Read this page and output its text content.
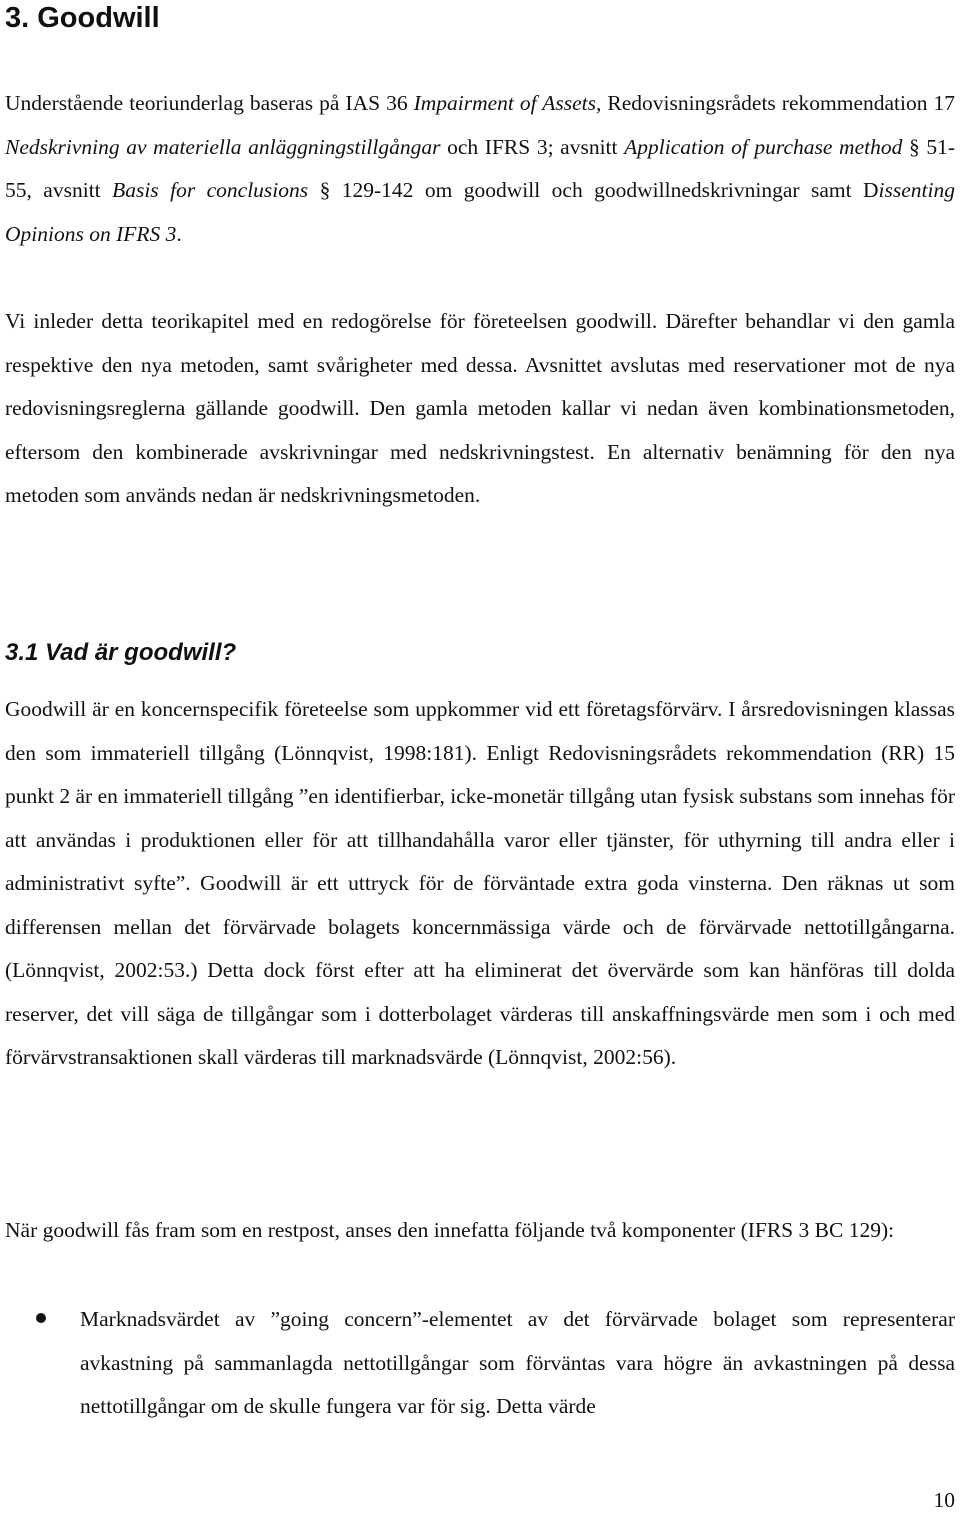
3. Goodwill

Understående teoriunderlag baseras på IAS 36 Impairment of Assets, Redovisningsrådets rekommendation 17 Nedskrivning av materiella anläggningstillgångar och IFRS 3; avsnitt Application of purchase method § 51-55, avsnitt Basis for conclusions § 129-142 om goodwill och goodwillnedskrivningar samt Dissenting Opinions on IFRS 3.

Vi inleder detta teorikapitel med en redogörelse för företeelsen goodwill. Därefter behandlar vi den gamla respektive den nya metoden, samt svårigheter med dessa. Avsnittet avslutas med reservationer mot de nya redovisningsreglerna gällande goodwill. Den gamla metoden kallar vi nedan även kombinationsmetoden, eftersom den kombinerade avskrivningar med nedskrivningstest. En alternativ benämning för den nya metoden som används nedan är nedskrivningsmetoden.

3.1 Vad är goodwill?

Goodwill är en koncernspecifik företeelse som uppkommer vid ett företagsförvärv. I årsredovisningen klassas den som immateriell tillgång (Lönnqvist, 1998:181). Enligt Redovisningsrådets rekommendation (RR) 15 punkt 2 är en immateriell tillgång ”en identifierbar, icke-monetär tillgång utan fysisk substans som innehas för att användas i produktionen eller för att tillhandahålla varor eller tjänster, för uthyrning till andra eller i administrativt syfte”. Goodwill är ett uttryck för de förväntade extra goda vinsterna. Den räknas ut som differensen mellan det förvärvade bolagets koncernmässiga värde och de förvärvade nettotillgångarna. (Lönnqvist, 2002:53.) Detta dock först efter att ha eliminerat det övervärde som kan hänföras till dolda reserver, det vill säga de tillgångar som i dotterbolaget värderas till anskaffningsvärde men som i och med förvärvstransaktionen skall värderas till marknadsvärde (Lönnqvist, 2002:56).

När goodwill fås fram som en restpost, anses den innefatta följande två komponenter (IFRS 3 BC 129):

Marknadsvärdet av ”going concern”-elementet av det förvärvade bolaget som representerar avkastning på sammanlagda nettotillgångar som förväntas vara högre än avkastningen på dessa nettotillgångar om de skulle fungera var för sig. Detta värde

10
